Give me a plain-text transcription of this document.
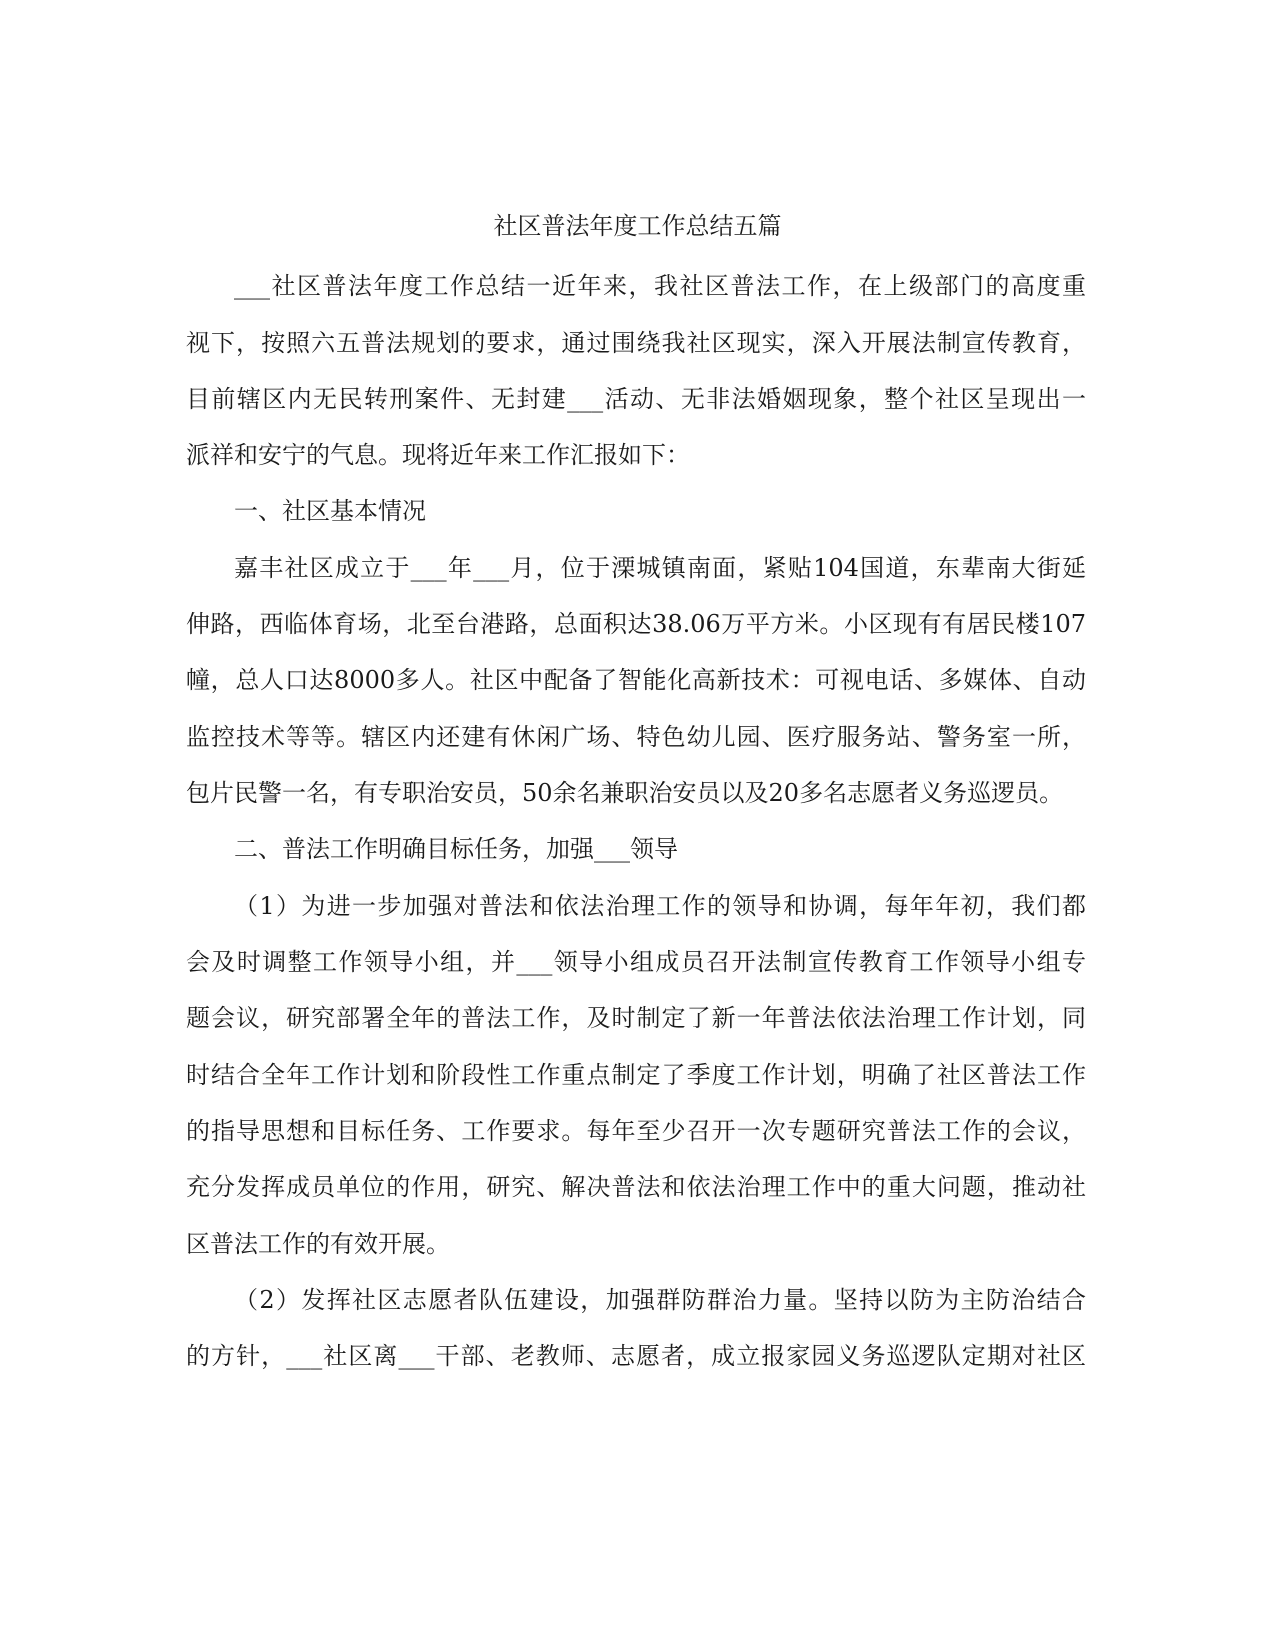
社区普法年度工作总结五篇
___社区普法年度工作总结一近年来，我社区普法工作，在上级部门的高度重
视下，按照六五普法规划的要求，通过围绕我社区现实，深入开展法制宣传教育，
目前辖区内无民转刑案件、无封建___活动、无非法婚姻现象，整个社区呈现出一
派祥和安宁的气息。现将近年来工作汇报如下：
一、社区基本情况
嘉丰社区成立于___年___月，位于溧城镇南面，紧贴104国道，东辈南大街延
伸路，西临体育场，北至台港路，总面积达38.06万平方米。小区现有有居民楼107
幢，总人口达8000多人。社区中配备了智能化高新技术：可视电话、多媒体、自动
监控技术等等。辖区内还建有休闲广场、特色幼儿园、医疗服务站、警务室一所，
包片民警一名，有专职治安员，50余名兼职治安员以及20多名志愿者义务巡逻员。
二、普法工作明确目标任务，加强___领导
（1）为进一步加强对普法和依法治理工作的领导和协调，每年年初，我们都
会及时调整工作领导小组，并___领导小组成员召开法制宣传教育工作领导小组专
题会议，研究部署全年的普法工作，及时制定了新一年普法依法治理工作计划，同
时结合全年工作计划和阶段性工作重点制定了季度工作计划，明确了社区普法工作
的指导思想和目标任务、工作要求。每年至少召开一次专题研究普法工作的会议，
充分发挥成员单位的作用，研究、解决普法和依法治理工作中的重大问题，推动社
区普法工作的有效开展。
（2）发挥社区志愿者队伍建设，加强群防群治力量。坚持以防为主防治结合
的方针，___社区离___干部、老教师、志愿者，成立报家园义务巡逻队定期对社区
